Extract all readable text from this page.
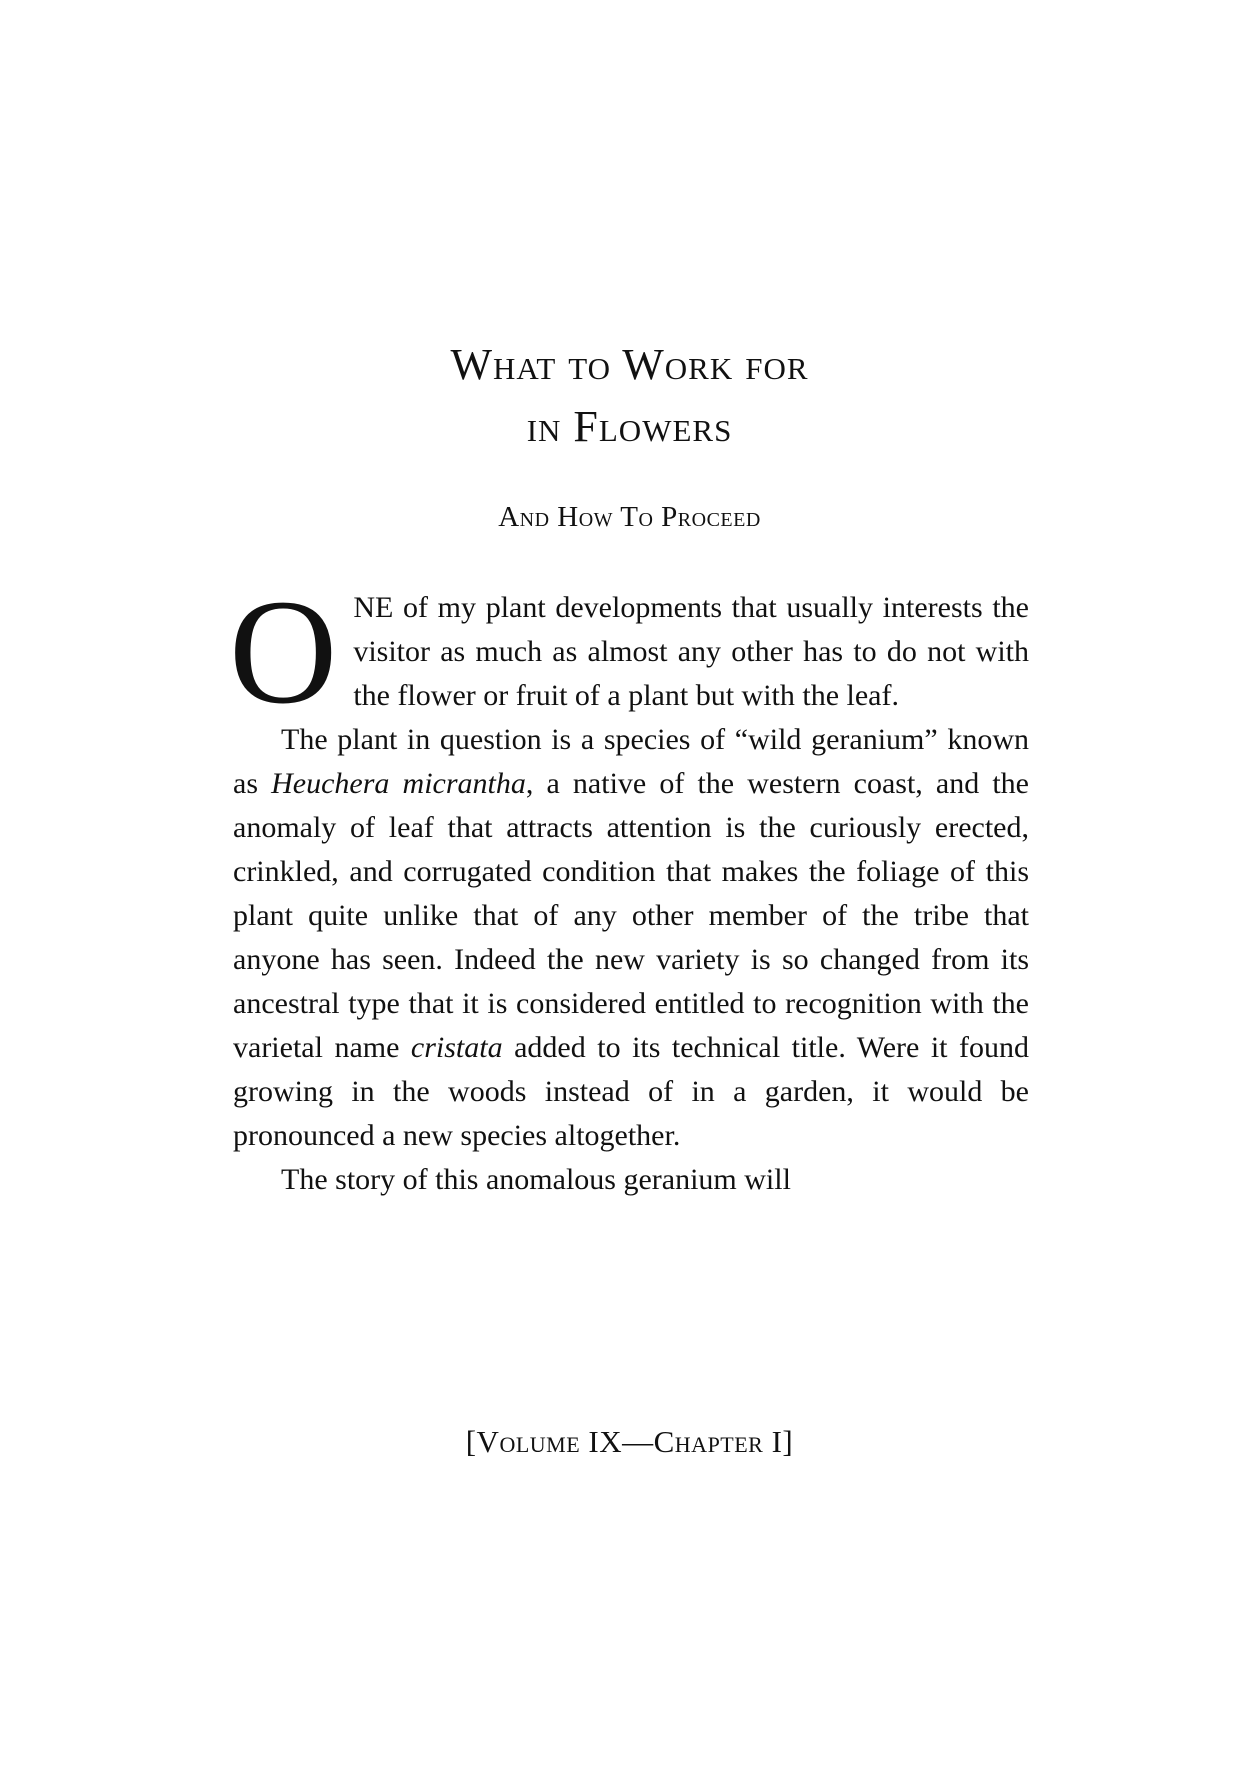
What to Work for
in Flowers
And How To Proceed

ONE of my plant developments that usually interests the visitor as much as almost any other has to do not with the flower or fruit of a plant but with the leaf.

The plant in question is a species of “wild geranium” known as Heuchera micrantha, a native of the western coast, and the anomaly of leaf that attracts attention is the curiously erected, crinkled, and corrugated condition that makes the foliage of this plant quite unlike that of any other member of the tribe that anyone has seen. Indeed the new variety is so changed from its ancestral type that it is considered entitled to recognition with the varietal name cristata added to its technical title. Were it found growing in the woods instead of in a garden, it would be pronounced a new species altogether.

The story of this anomalous geranium will

[Volume IX—Chapter I]
